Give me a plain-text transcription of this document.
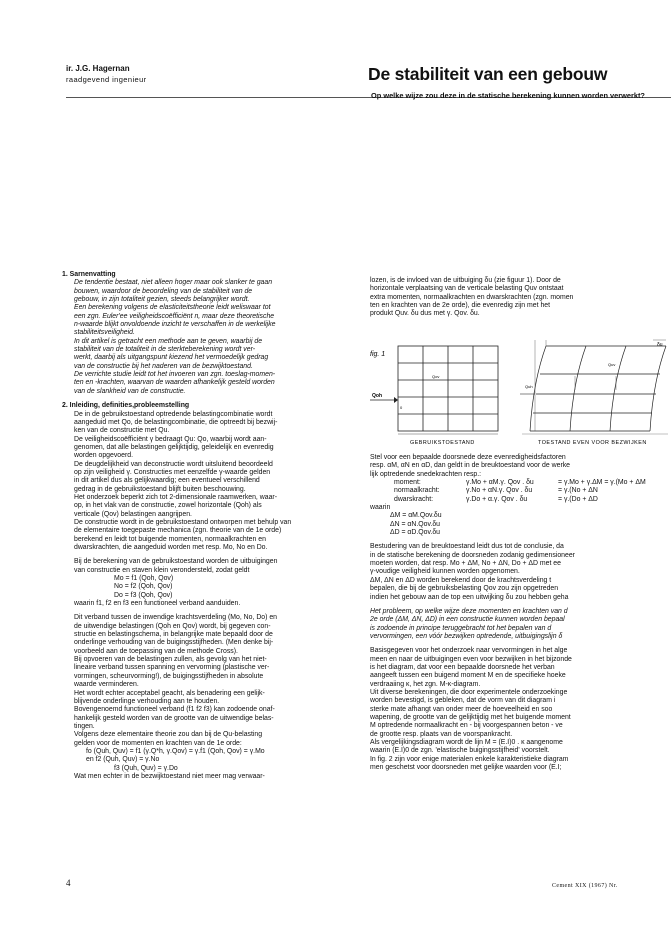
ir. J.G. Hagernan
raadgevend ingenieur	De stabiliteit van een gebouw
Op welke wijze zou deze in de statische berekening kunnen worden verwerkt?

1. Sarnenvatting

De tendentie bestaat, niet alleen hoger maar ook slanker te gaan

bouwen, waardoor de beoordeling van de stabiliteit van de

gebouw, in zijn totaliteit gezien, steeds belangrijker wordt.

Een berekening volgens de elasticiteitstheorie leidt weliswaar tot

een zgn. Euler'ee veiligheidscoëfficiënt n, maar deze theoretische

n-waarde blijkt onvoldoende inzicht te verschaffen in de werkelijke

stabiliteitsveiligheid.

In dit artikel is getracht een methode aan te geven, waarbij de

stabiliteit van de totaliteit in de sterkteberekening wordt ver-

werkt, daarbij als uitgangspunt kiezend het vermoedelijk gedrag

van de constructie bij het naderen van de bezwijktoestand.

De verrichte studie leidt tot het invoeren van zgn. toeslag-momen-

ten en -krachten, waarvan de waarden afhankelijk gesteld worden

van de slankheid van de constructie.

2. Inleiding, definities,probleemstelling

De in de gebruikstoestand optredende belastingcombinatie wordt

aangeduid met Qo, de belastingcombinatie, die optreedt bij bezwij-

ken van de constructie met Qu.

De veiligheidscoëfficiënt γ bedraagt Qu: Qo, waarbij wordt aan-

genomen, dat alle belastingen gelijktijdig, geleidelijk en evenredig

worden opgevoerd.

De deugdelijkheid van deconstructie wordt uitsluitend beoordeeld

op zijn veiligheid γ. Constructies met eenzelfde γ-waarde gelden

in dit artikel dus als gelijkwaardig; een eventueel verschillend

gedrag in de gebruikstoestand blijft buiten beschouwing.

Het onderzoek beperkt zich tot 2-dimensionale raamwerken, waar-

op, in het vlak van de constructie, zowel horizontale (Qoh) als

verticale (Qov) belastingen aangrijpen.

De constructie wordt in de gebruikstoestand ontworpen met behulp van

de elementaire toegepaste mechanica (zgn. theorie van de 1e orde)

berekend en leidt tot buigende momenten, normaalkrachten en

dwarskrachten, die aangeduid worden met resp. Mo, No en Do.

Bij de berekening van de gebruikstoestand worden de uitbuigingen

van constructie en staven klein verondersteld, zodat geldt

Mo = f1 (Qoh, Qov)

No = f2 (Qoh, Qov)

Do = f3 (Qoh, Qov)

waarin f1, f2 en f3 een functioneel verband aanduiden.

Dit verband tussen de inwendige krachtsverdeling (Mo, No, Do) en

de uitwendige belastingen (Qoh en Qov) wordt, bij gegeven con-

structie en belastingschema, in belangrijke mate bepaald door de

onderlinge verhouding van de buigingsstijfheden. (Men denke bij-

voorbeeld aan de toepassing van de methode Cross).

Bij opvoeren van de belastingen zullen, als gevolg van het niet-

lineaire verband tussen spanning en vervorming (plastische ver-

vormingen, scheurvorming!), de buigingsstijfheden in absolute

waarde verminderen.

Het wordt echter acceptabel geacht, als benadering een gelijk-

blijvende onderlinge verhouding aan te houden.

Bovengenoemd functioneel verband (f1 f2 f3) kan zodoende onaf-

hankelijk gesteld worden van de grootte van de uitwendige belas-

tingen.

Volgens deze elementaire theorie zou dan bij de Qu-belasting

gelden voor de momenten en krachten van de 1e orde:

fo (Quh, Quv) = f1 (γ.Q*h, γ.Qov) = γ.f1 (Qoh, Qov) = γ.Mo

en f2 (Quh, Quv) = γ.No

f3 (Quh, Quv) = γ.Do

Wat men echter in de bezwijktoestand niet meer mag verwaar-

lozen, is de invloed van de uitbuiging δu (zie figuur 1). Door de

horizontale verplaatsing van de verticale belasting Quv ontstaat

extra momenten, normaalkrachten en dwarskrachten (zgn. momen

ten en krachten van de 2e orde), die evenredig zijn met het

produkt Quv. δu dus met γ. Qov. δu.

fig. 1
Qoh
Qov
0
δu
Quv
Quh
GEBRUIKSTOESTAND	TOESTAND EVEN VOOR BEZWIJKEN

Stel voor een bepaalde doorsnede deze evenredigheidsfactoren

resp. αM, αN en αD, dan geldt in de breuktoestand voor de werke

lijk optredende snedekrachten resp.:

moment:	γ.Mo + αM.γ. Qov . δu	= γ.Mo + γ.ΔM = γ.(Mo + ΔM
normaalkracht:	γ.No + αN.γ. Qov . δu	= γ.(No + ΔN
dwarskracht:	γ.Do + α.γ. Qov . δu	= γ.(Do + ΔD

waarin

ΔM = αM.Qov.δu

ΔN = αN.Qov.δu

ΔD = αD.Qov.δu

Bestudering van de breuktoestand leidt dus tot de conclusie, da

in de statische berekening de doorsneden zodanig gedimensioneer

moeten worden, dat resp. Mo + ΔM, No + ΔN, Do + ΔD met ee

γ-voudige veiligheid kunnen worden opgenomen.

ΔM, ΔN en ΔD worden berekend door de krachtsverdeling t

bepalen, die bij de gebruiksbelasting Qov zou zijn opgetreden

indien het gebouw aan de top een uitwijking δu zou hebben geha

Het probleem, op welke wijze deze momenten en krachten van d

2e orde (ΔM, ΔN, ΔD) in een constructie kunnen worden bepaal

is zodoende in principe teruggebracht tot het bepalen van d

vervormingen, een vóór bezwijken optredende, uitbuigingslijn δ

Basisgegeven voor het onderzoek naar vervormingen in het alge

meen en naar de uitbuigingen even voor bezwijken in het bijzonde

is het diagram, dat voor een bepaalde doorsnede het verban

aangeeft tussen een buigend moment M en de specifieke hoeke

verdraaiing κ, het zgn. M-κ-diagram.

Uit diverse berekeningen, die door experimentele onderzoekinge

worden bevestigd, is gebleken, dat de vorm van dit diagram i

sterke mate afhangt van onder meer de hoeveelheid en soo

wapening, de grootte van de gelijktijdig met het buigende moment

M optredende normaalkracht en - bij voorgespannen beton - ve

de grootte resp. plaats van de voorspankracht.

Als vergelijkingsdiagram wordt de lijn M = (E.I)0 . κ aangenome

waarin (E.I)0 de zgn. 'elastische buigingsstijfheid' voorstelt.

In fig. 2 zijn voor enige materialen enkele karakteristieke diagram

men geschetst voor doorsneden met gelijke waarden voor (E.I;

4	Cement XIX (1967) Nr.
